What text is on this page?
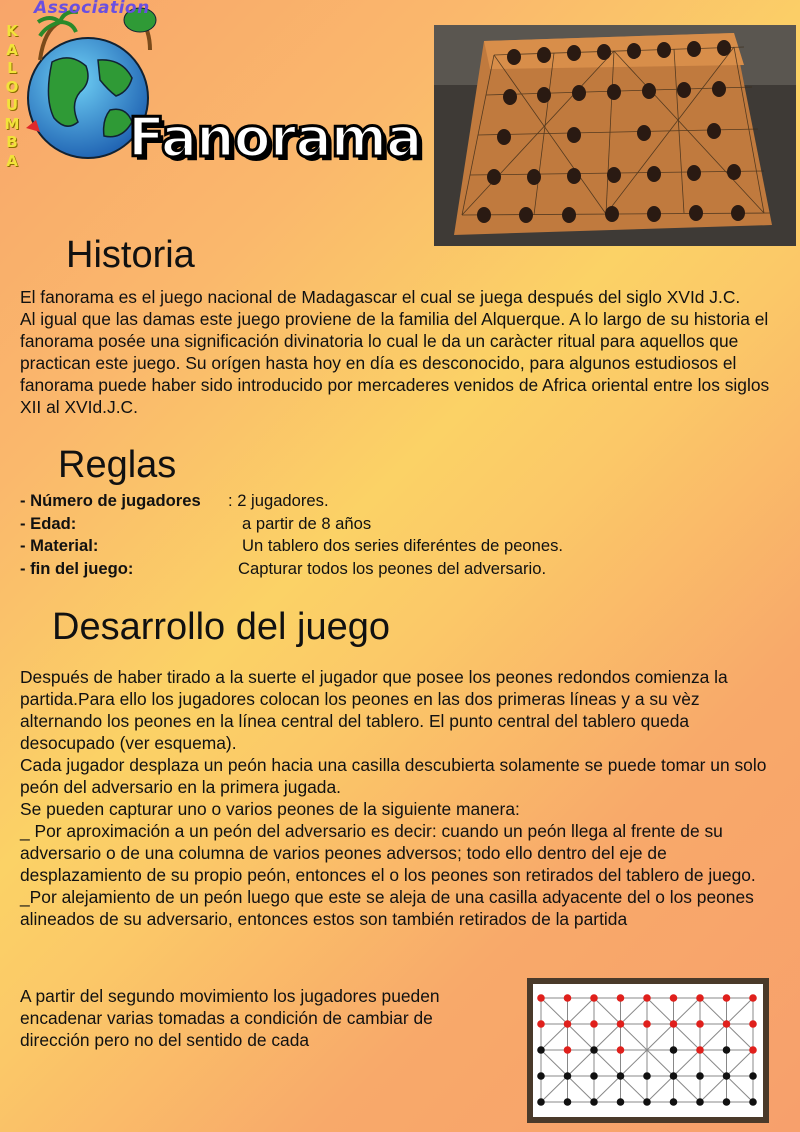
Association
K
A
L
O
U
M
B
A Fanorama
Historia

El fanorama es el juego nacional de Madagascar el cual se juega después del siglo XVId J.C.
Al igual que las damas este juego proviene de la familia del Alquerque. A lo largo de su historia el fanorama posée una significación divinatoria lo cual le da un caràcter ritual para aquellos que practican este juego. Su orígen hasta hoy en día es desconocido, para algunos estudiosos el fanorama puede haber sido introducido por mercaderes venidos de Africa oriental entre los siglos XII al XVId.J.C.

Reglas
- Número de jugadores : 2 jugadores.
- Edad:	a partir de 8 años
- Material:	Un tablero dos series diferéntes de peones.
- fin del juego:	Capturar todos los peones del adversario.
Desarrollo del juego

Después de haber tirado a la suerte el jugador que posee los peones redondos comienza la partida.Para ello los jugadores colocan los peones en las dos primeras líneas y a su vèz alternando los peones en la línea central del tablero. El punto central del tablero queda desocupado (ver esquema).
Cada jugador desplaza un peón hacia una casilla descubierta solamente se puede tomar un solo peón del adversario en la primera jugada.
Se pueden capturar uno o varios peones de la siguiente manera:
_ Por aproximación a un peón del adversario es decir: cuando un peón llega al frente de su adversario o de una columna de varios peones adversos; todo ello dentro del eje de desplazamiento de su propio peón, entonces el o los peones son retirados del tablero de juego.
_Por alejamiento de un peón luego que este se aleja de una casilla adyacente del o los peones alineados de su adversario, entonces estos son también retirados de la partida

A partir del segundo movimiento los jugadores pueden encadenar varias tomadas a condición de cambiar de dirección pero no del sentido de cada
